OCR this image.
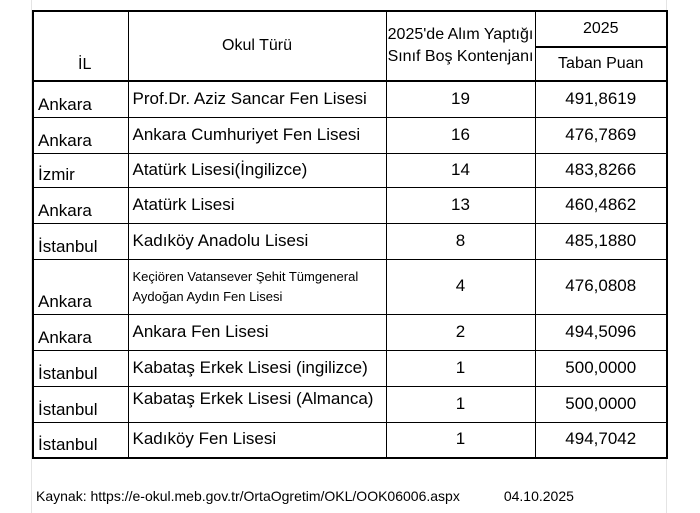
İL	Okul Türü	2025'de Alım Yaptığı Sınıf Boş Kontenjanı	2025
			Taban Puan
Ankara	Prof.Dr. Aziz Sancar Fen Lisesi	19	491,8619
Ankara	Ankara Cumhuriyet Fen Lisesi	16	476,7869
İzmir	Atatürk Lisesi(İngilizce)	14	483,8266
Ankara	Atatürk Lisesi	13	460,4862
İstanbul	Kadıköy Anadolu Lisesi	8	485,1880
Ankara	Keçiören Vatansever Şehit Tümgeneral Aydoğan Aydın Fen Lisesi	4	476,0808
Ankara	Ankara Fen Lisesi	2	494,5096
İstanbul	Kabataş Erkek Lisesi (ingilizce)	1	500,0000
İstanbul	Kabataş Erkek Lisesi (Almanca)	1	500,0000
İstanbul	Kadıköy Fen Lisesi	1	494,7042
Kaynak: https://e-okul.meb.gov.tr/OrtaOgretim/OKL/OOK06006.aspx	04.10.2025
